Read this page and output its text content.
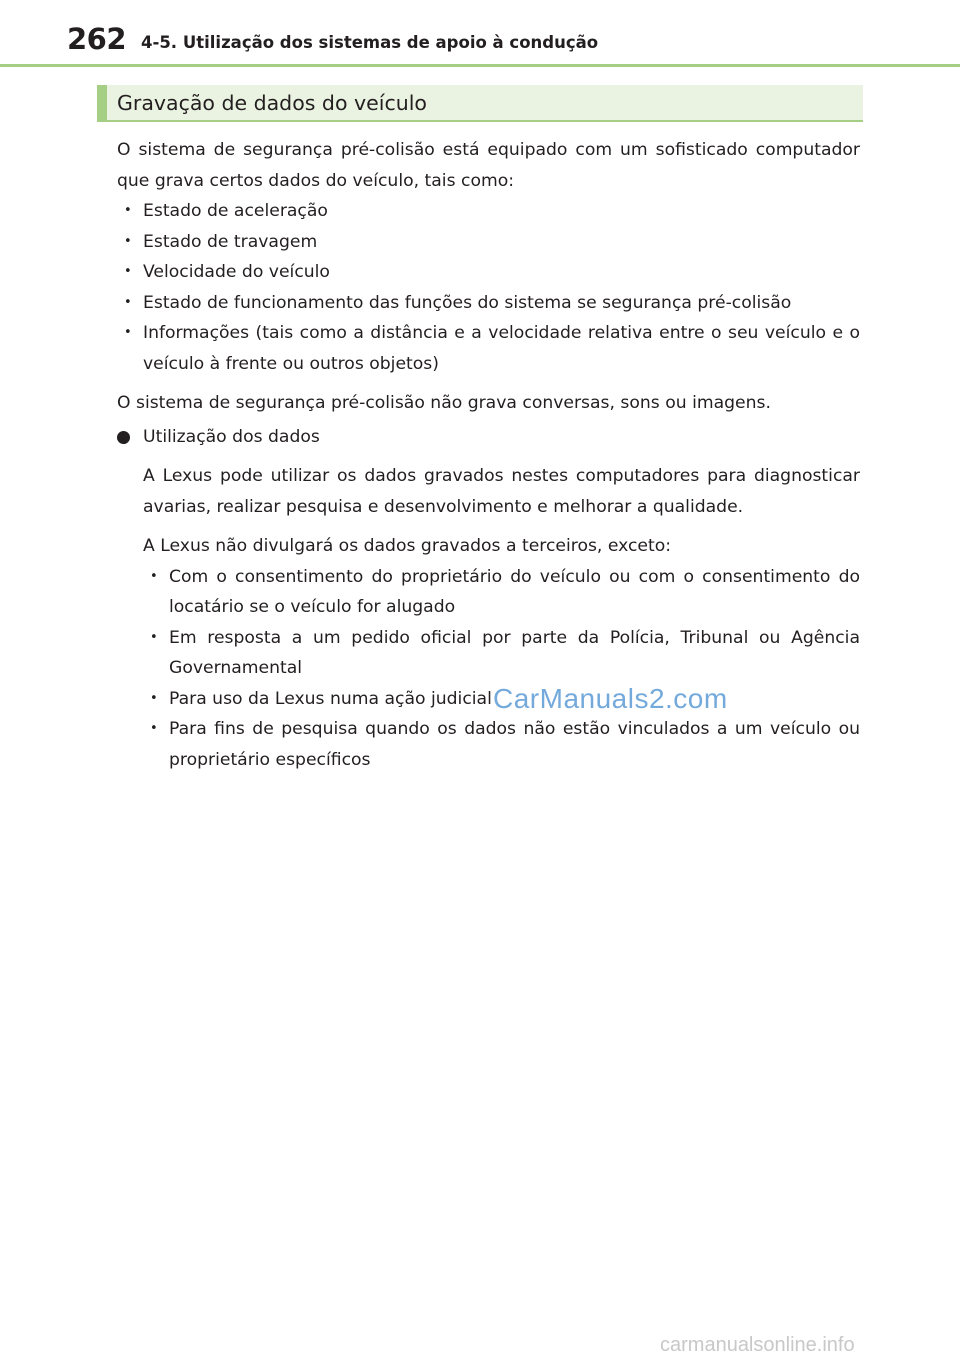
262 4-5. Utilização dos sistemas de apoio à condução
Gravação de dados do veículo

O sistema de segurança pré-colisão está equipado com um sofisticado computador que grava certos dados do veículo, tais como:

• Estado de aceleração
• Estado de travagem
• Velocidade do veículo
• Estado de funcionamento das funções do sistema se segurança pré-colisão
• Informações (tais como a distância e a velocidade relativa entre o seu veículo e o veículo à frente ou outros objetos)

O sistema de segurança pré-colisão não grava conversas, sons ou imagens.

Utilização dos dados

A Lexus pode utilizar os dados gravados nestes computadores para diagnosticar avarias, realizar pesquisa e desenvolvimento e melhorar a qualidade.

A Lexus não divulgará os dados gravados a terceiros, exceto:

• Com o consentimento do proprietário do veículo ou com o consentimento do locatário se o veículo for alugado
• Em resposta a um pedido oficial por parte da Polícia, Tribunal ou Agência Governamental
• Para uso da Lexus numa ação judicial
• Para fins de pesquisa quando os dados não estão vinculados a um veículo ou proprietário específicos
CarManuals2.com
carmanualsonline.info
